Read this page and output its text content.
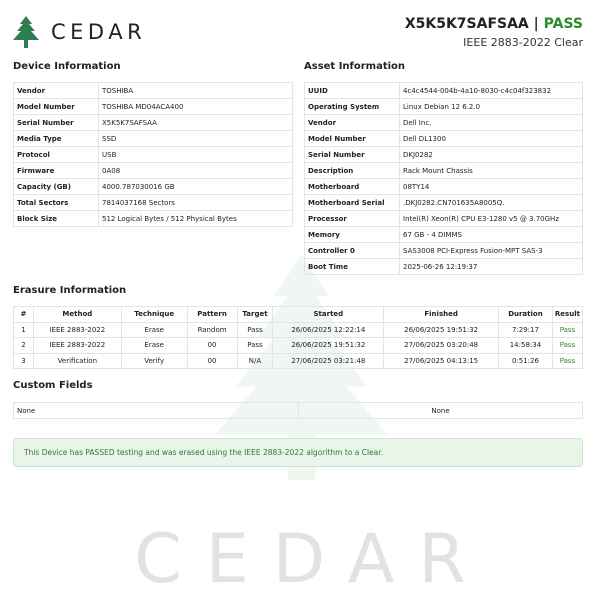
CEDAR
CEDAR	X5K5K7SAFSAA | PASS
IEEE 2883-2022 Clear
Device Information
Vendor	TOSHIBA
Model Number	TOSHIBA MD04ACA400
Serial Number	X5K5K7SAFSAA
Media Type	SSD
Protocol	USB
Firmware	0A08
Capacity (GB)	4000.787030016 GB
Total Sectors	7814037168 Sectors
Block Size	512 Logical Bytes / 512 Physical Bytes
Asset Information
UUID	4c4c4544-004b-4a10-8030-c4c04f323832
Operating System	Linux Debian 12 6.2.0
Vendor	Dell Inc.
Model Number	Dell DL1300
Serial Number	DKJ0282
Description	Rack Mount Chassis
Motherboard	08TY14
Motherboard Serial	.DKJ0282.CN701635A8005Q.
Processor	Intel(R) Xeon(R) CPU E3-1280 v5 @ 3.70GHz
Memory	67 GB - 4 DIMMS
Controller 0	SAS3008 PCI-Express Fusion-MPT SAS-3
Boot Time	2025-06-26 12:19:37
Erasure Information
#	Method	Technique	Pattern	Target	Started	Finished	Duration	Result
1	IEEE 2883-2022	Erase	Random	Pass	26/06/2025 12:22:14	26/06/2025 19:51:32	7:29:17	Pass
2	IEEE 2883-2022	Erase	00	Pass	26/06/2025 19:51:32	27/06/2025 03:20:48	14:58:34	Pass
3	Verification	Verify	00	N/A	27/06/2025 03:21:48	27/06/2025 04:13:15	0:51:26	Pass
Custom Fields
None	None
This Device has PASSED testing and was erased using the IEEE 2883-2022 algorithm to a Clear.
